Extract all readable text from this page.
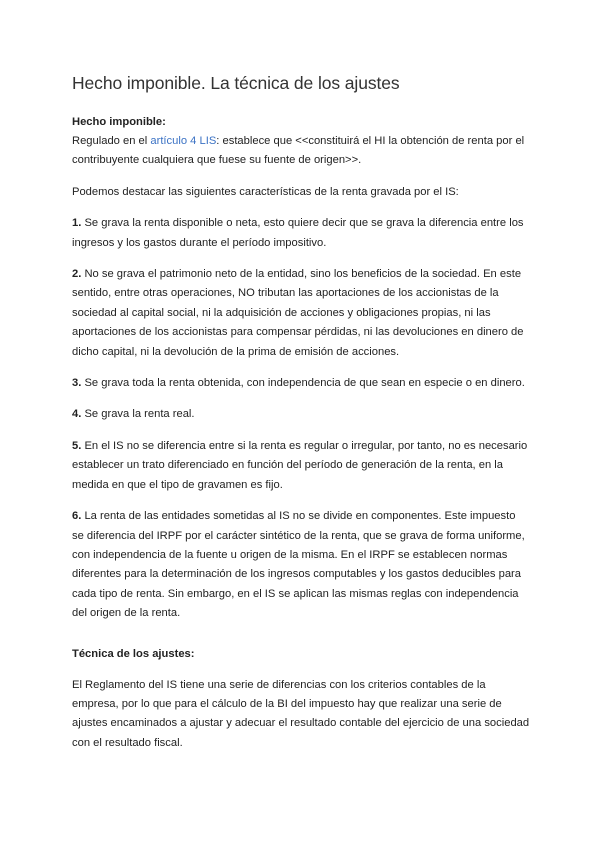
Hecho imponible. La técnica de los ajustes

Hecho imponible:

Regulado en el artículo 4 LIS: establece que <<constituirá el HI la obtención de renta por el contribuyente cualquiera que fuese su fuente de origen>>.

Podemos destacar las siguientes características de la renta gravada por el IS:

1. Se grava la renta disponible o neta, esto quiere decir que se grava la diferencia entre los ingresos y los gastos durante el período impositivo.

2. No se grava el patrimonio neto de la entidad, sino los beneficios de la sociedad. En este sentido, entre otras operaciones, NO tributan las aportaciones de los accionistas de la sociedad al capital social, ni la adquisición de acciones y obligaciones propias, ni las aportaciones de los accionistas para compensar pérdidas, ni las devoluciones en dinero de dicho capital, ni la devolución de la prima de emisión de acciones.

3. Se grava toda la renta obtenida, con independencia de que sean en especie o en dinero.

4. Se grava la renta real.

5. En el IS no se diferencia entre si la renta es regular o irregular, por tanto, no es necesario establecer un trato diferenciado en función del período de generación de la renta, en la medida en que el tipo de gravamen es fijo.

6. La renta de las entidades sometidas al IS no se divide en componentes. Este impuesto se diferencia del IRPF por el carácter sintético de la renta, que se grava de forma uniforme, con independencia de la fuente u origen de la misma. En el IRPF se establecen normas diferentes para la determinación de los ingresos computables y los gastos deducibles para cada tipo de renta. Sin embargo, en el IS se aplican las mismas reglas con independencia del origen de la renta.

Técnica de los ajustes:

El Reglamento del IS tiene una serie de diferencias con los criterios contables de la empresa, por lo que para el cálculo de la BI del impuesto hay que realizar una serie de ajustes encaminados a ajustar y adecuar el resultado contable del ejercicio de una sociedad con el resultado fiscal.
